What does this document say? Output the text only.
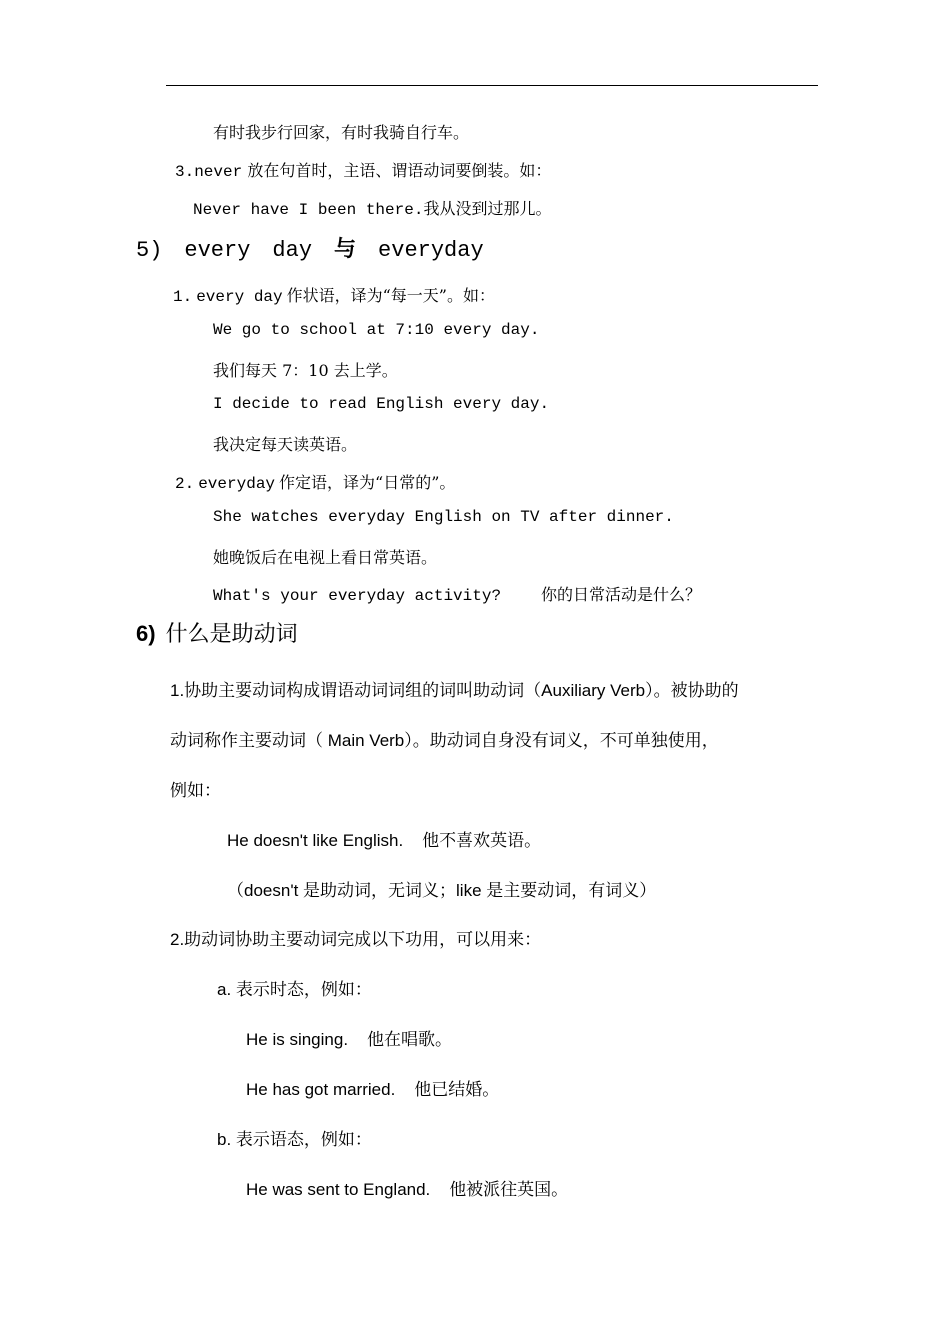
有时我步行回家，有时我骑自行车。
3.never 放在句首时，主语、谓语动词要倒装。如：
Never have I been there.我从没到过那儿。
5) every day 与 everyday
1. every day 作状语，译为“每一天”。如：
We go to school at 7:10 every day.
我们每天 7：10 去上学。
I decide to read English every day.
我决定每天读英语。
2. everyday 作定语，译为“日常的”。
She watches everyday English on TV after dinner.
她晚饭后在电视上看日常英语。
What's your everyday activity?	你的日常活动是什么？
6) 什么是助动词
1.协助主要动词构成谓语动词词组的词叫助动词（Auxiliary Verb）。被协助的
动词称作主要动词（ Main Verb）。助动词自身没有词义，不可单独使用，
例如：
He doesn't like English. 他不喜欢英语。
（doesn't 是助动词，无词义；like 是主要动词，有词义）
2.助动词协助主要动词完成以下功用，可以用来：
a. 表示时态，例如：
He is singing. 他在唱歌。
He has got married. 他已结婚。
b. 表示语态，例如：
He was sent to England. 他被派往英国。
